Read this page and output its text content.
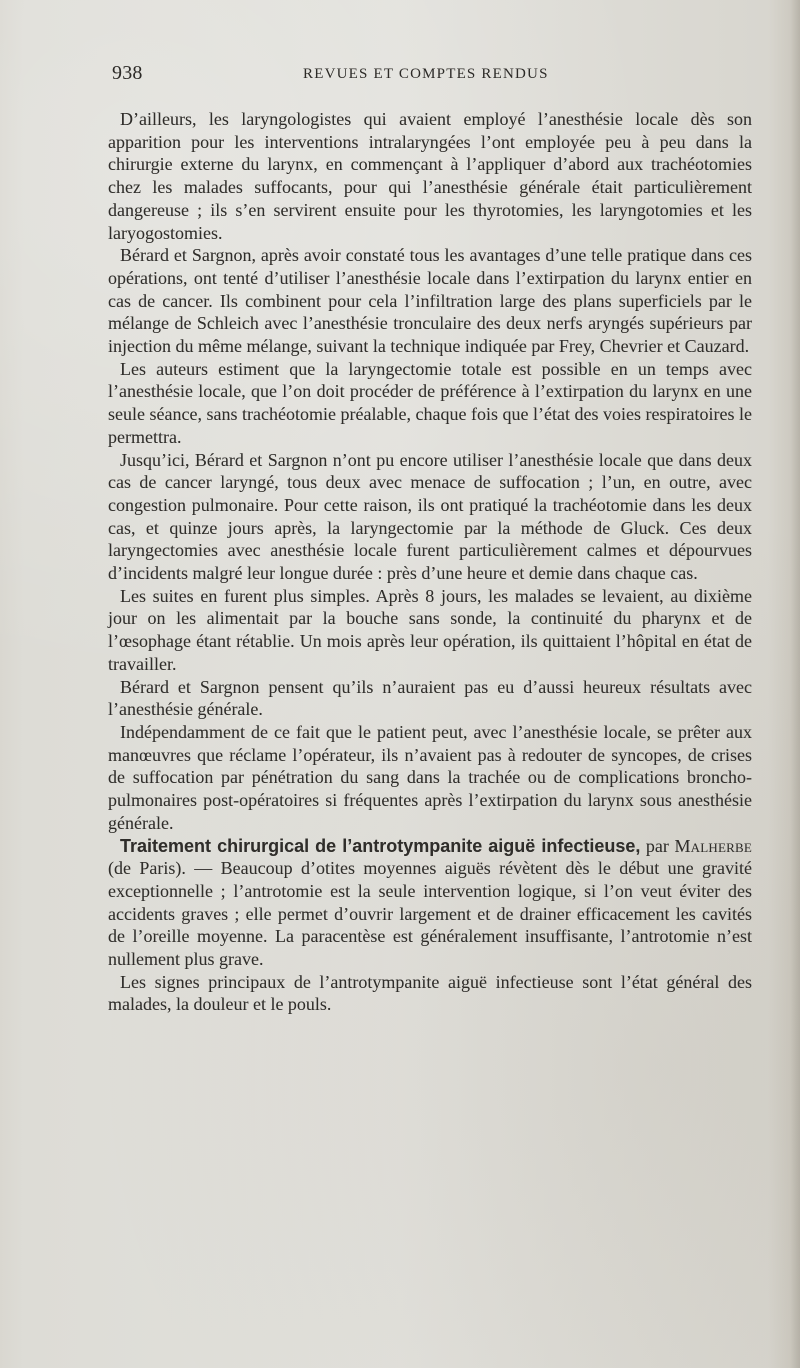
938	REVUES ET COMPTES RENDUS

D’ailleurs, les laryngologistes qui avaient employé l’anesthésie locale dès son apparition pour les interventions intralaryngées l’ont employée peu à peu dans la chirurgie externe du larynx, en commençant à l’appliquer d’abord aux trachéotomies chez les malades suffocants, pour qui l’anesthésie générale était particulièrement dangereuse ; ils s’en servirent ensuite pour les thyrotomies, les laryngotomies et les laryogostomies.

Bérard et Sargnon, après avoir constaté tous les avantages d’une telle pratique dans ces opérations, ont tenté d’utiliser l’anesthésie locale dans l’extirpation du larynx entier en cas de cancer. Ils combinent pour cela l’infiltration large des plans superficiels par le mélange de Schleich avec l’anesthésie tronculaire des deux nerfs aryngés supérieurs par injection du même mélange, suivant la technique indiquée par Frey, Chevrier et Cauzard.

Les auteurs estiment que la laryngectomie totale est possible en un temps avec l’anesthésie locale, que l’on doit procéder de préférence à l’extirpation du larynx en une seule séance, sans trachéotomie préalable, chaque fois que l’état des voies respiratoires le permettra.

Jusqu’ici, Bérard et Sargnon n’ont pu encore utiliser l’anesthésie locale que dans deux cas de cancer laryngé, tous deux avec menace de suffocation ; l’un, en outre, avec congestion pulmonaire. Pour cette raison, ils ont pratiqué la trachéotomie dans les deux cas, et quinze jours après, la laryngectomie par la méthode de Gluck. Ces deux laryngectomies avec anesthésie locale furent particulièrement calmes et dépourvues d’incidents malgré leur longue durée : près d’une heure et demie dans chaque cas.

Les suites en furent plus simples. Après 8 jours, les malades se levaient, au dixième jour on les alimentait par la bouche sans sonde, la continuité du pharynx et de l’œsophage étant rétablie. Un mois après leur opération, ils quittaient l’hôpital en état de travailler.

Bérard et Sargnon pensent qu’ils n’auraient pas eu d’aussi heureux résultats avec l’anesthésie générale.

Indépendamment de ce fait que le patient peut, avec l’anesthésie locale, se prêter aux manœuvres que réclame l’opérateur, ils n’avaient pas à redouter de syncopes, de crises de suffocation par pénétration du sang dans la trachée ou de complications broncho-pulmonaires post-opératoires si fréquentes après l’extirpation du larynx sous anesthésie générale.

Traitement chirurgical de l’antrotympanite aiguë infectieuse, par Malherbe (de Paris). — Beaucoup d’otites moyennes aiguës révètent dès le début une gravité exceptionnelle ; l’antrotomie est la seule intervention logique, si l’on veut éviter des accidents graves ; elle permet d’ouvrir largement et de drainer efficacement les cavités de l’oreille moyenne. La paracentèse est généralement insuffisante, l’antrotomie n’est nullement plus grave.

Les signes principaux de l’antrotympanite aiguë infectieuse sont l’état général des malades, la douleur et le pouls.
